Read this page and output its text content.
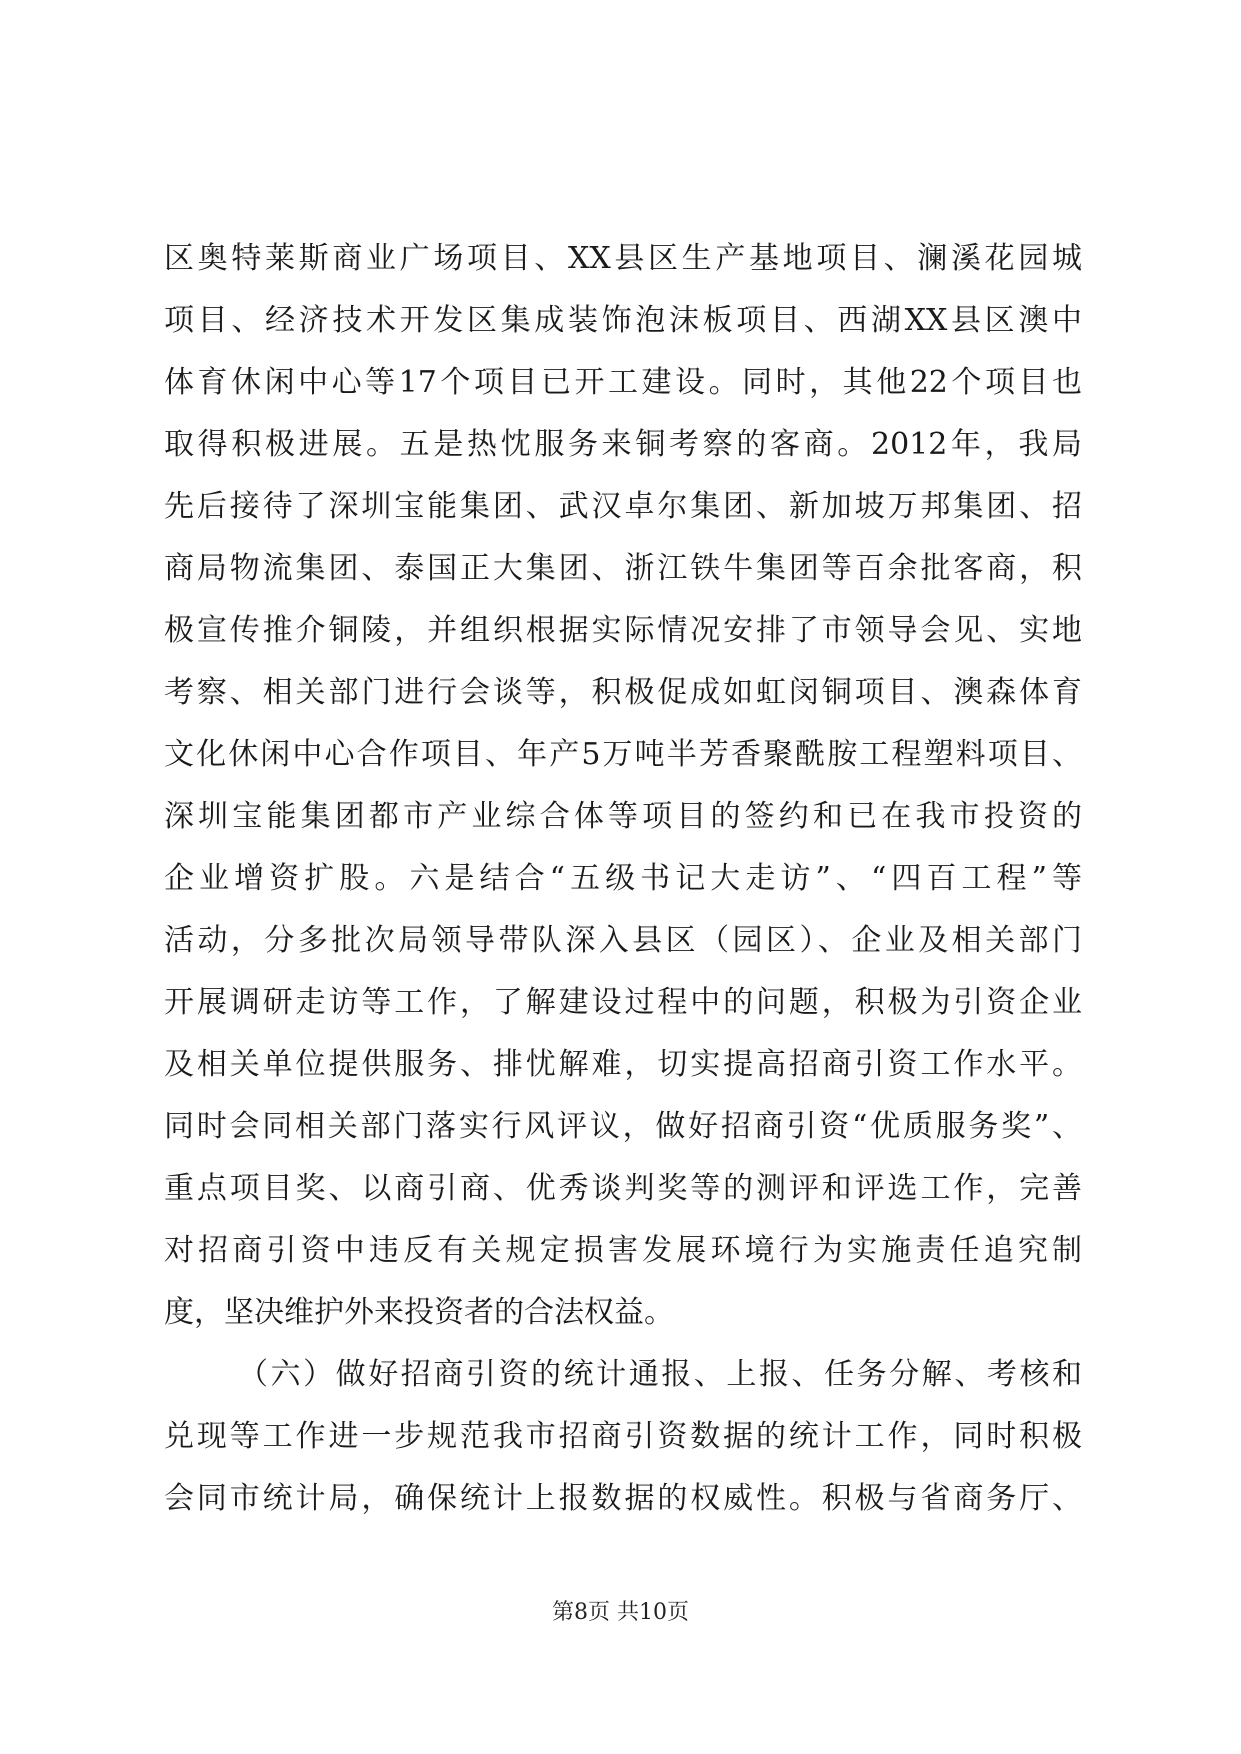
区奥特莱斯商业广场项目、XX县区生产基地项目、澜溪花园城
项目、经济技术开发区集成装饰泡沫板项目、西湖XX县区澳中
体育休闲中心等17个项目已开工建设。同时，其他22个项目也
取得积极进展。五是热忱服务来铜考察的客商。2012年，我局
先后接待了深圳宝能集团、武汉卓尔集团、新加坡万邦集团、招
商局物流集团、泰国正大集团、浙江铁牛集团等百余批客商，积
极宣传推介铜陵，并组织根据实际情况安排了市领导会见、实地
考察、相关部门进行会谈等，积极促成如虹闵铜项目、澳森体育
文化休闲中心合作项目、年产5万吨半芳香聚酰胺工程塑料项目、
深圳宝能集团都市产业综合体等项目的签约和已在我市投资的
企业增资扩股。六是结合“五级书记大走访”、“四百工程”等
活动，分多批次局领导带队深入县区（园区）、企业及相关部门
开展调研走访等工作，了解建设过程中的问题，积极为引资企业
及相关单位提供服务、排忧解难，切实提高招商引资工作水平。
同时会同相关部门落实行风评议，做好招商引资“优质服务奖”、
重点项目奖、以商引商、优秀谈判奖等的测评和评选工作，完善
对招商引资中违反有关规定损害发展环境行为实施责任追究制
度，坚决维护外来投资者的合法权益。
（六）做好招商引资的统计通报、上报、任务分解、考核和
兑现等工作进一步规范我市招商引资数据的统计工作，同时积极
会同市统计局，确保统计上报数据的权威性。积极与省商务厅、
第8页 共10页
